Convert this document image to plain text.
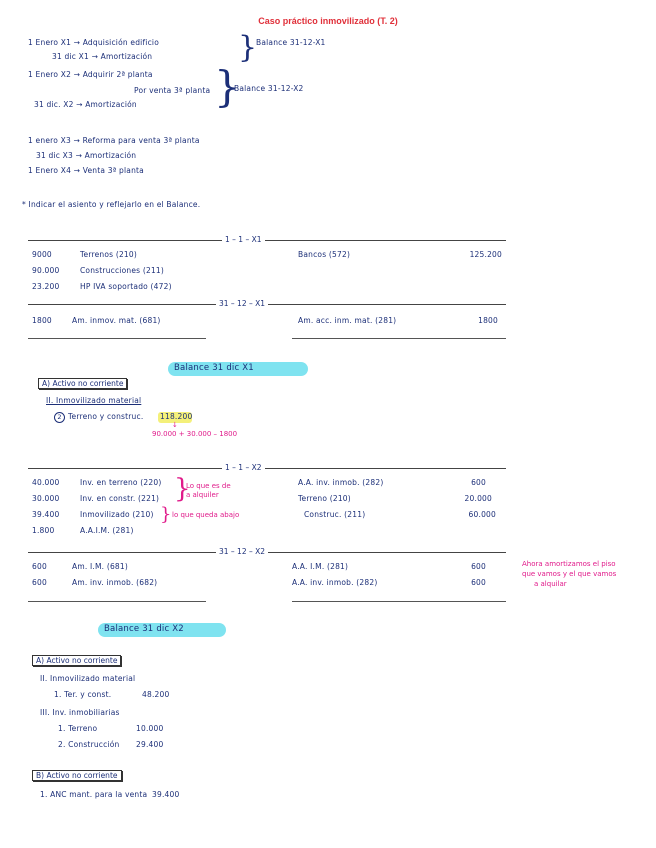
Caso práctico inmovilizado (T. 2)
1 Enero X1 → Adquisición edificio
31 dic X1 → Amortización	}
Balance 31-12-X1
1 Enero X2 → Adquirir 2ª planta
Por venta 3ª planta
31 dic. X2 → Amortización }
Balance 31-12-X2
1 enero X3 → Reforma para venta 3ª planta
31 dic X3 → Amortización
1 Enero X4 → Venta 3ª planta
* Indicar el asiento y reflejarlo en el Balance.
1 – 1 – X1
9000	Terrenos (210)
90.000	Construcciones (211)
23.200	HP IVA soportado (472)
Bancos (572)	125.200
31 – 12 – X1
1800	Am. inmov. mat. (681)	Am. acc. inm. mat. (281)	1800
Balance 31 dic X1
A) Activo no corriente
II. Inmovilizado material
2 Terreno y construc. 118.200
↓
90.000 + 30.000 – 1800
1 – 1 – X2
40.000	Inv. en terreno (220)
30.000	Inv. en constr. (221) }
Lo que es de
a alquiler
39.400	Inmovilizado (210)
1.800	A.A.I.M. (281)
} lo que queda abajo
A.A. inv. inmob. (282)	600
Terreno (210)	20.000
Construc. (211)	60.000
31 – 12 – X2
600	Am. I.M. (681)
600	Am. inv. inmob. (682)
A.A. I.M. (281)	600
A.A. inv. inmob. (282)	600
Ahora amortizamos el piso
que vamos y el que vamos
a alquilar
Balance 31 dic X2
A) Activo no corriente
II. Inmovilizado material
1. Ter. y const.	48.200
III. Inv. inmobiliarias
1. Terreno	10.000
2. Construcción 29.400
B) Activo no corriente
1. ANC mant. para la venta 39.400
